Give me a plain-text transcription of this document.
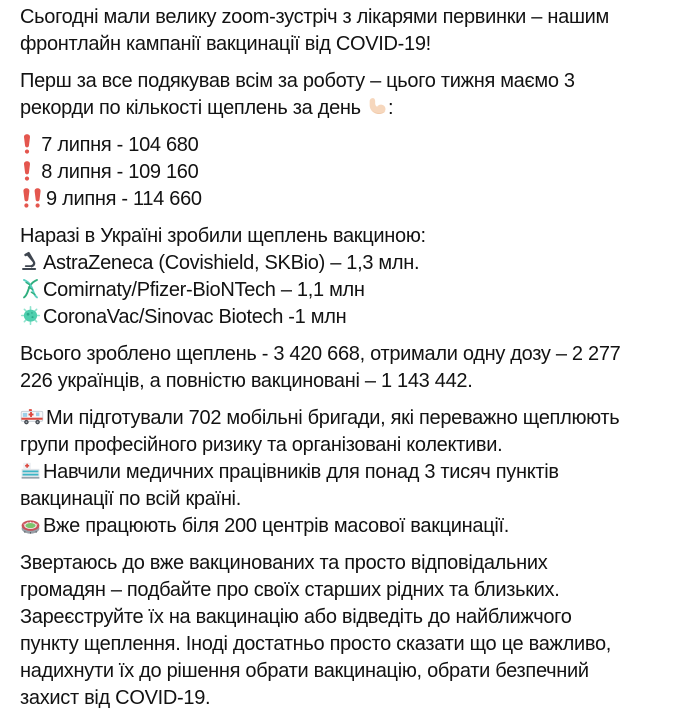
Сьогодні мали велику zoom-зустріч з лікарями первинки – нашим
фронтлайн кампанії вакцинації від COVID-19!
Перш за все подякував всім за роботу – цього тижня маємо 3
рекорди по кількості щеплень за день :
7 липня - 104 680
8 липня - 109 160
9 липня - 114 660
Наразі в Україні зробили щеплень вакциною:
AstraZeneca (Covishield, SKBio) – 1,3 млн.
Comirnaty/Pfizer-BioNTech – 1,1 млн
CoronaVac/Sinovac Biotech -1 млн
Всього зроблено щеплень - 3 420 668, отримали одну дозу – 2 277
226 українців, а повністю вакциновані – 1 143 442.
Ми підготували 702 мобільні бригади, які переважно щеплюють
групи професійного ризику та організовані колективи.
Навчили медичних працівників для понад 3 тисяч пунктів
вакцинації по всій країні.
Вже працюють біля 200 центрів масової вакцинації.
Звертаюсь до вже вакцинованих та просто відповідальних
громадян – подбайте про своїх старших рідних та близьких.
Зареєструйте їх на вакцинацію або відведіть до найближчого
пункту щеплення. Іноді достатньо просто сказати що це важливо,
надихнути їх до рішення обрати вакцинацію, обрати безпечний
захист від COVID-19.
